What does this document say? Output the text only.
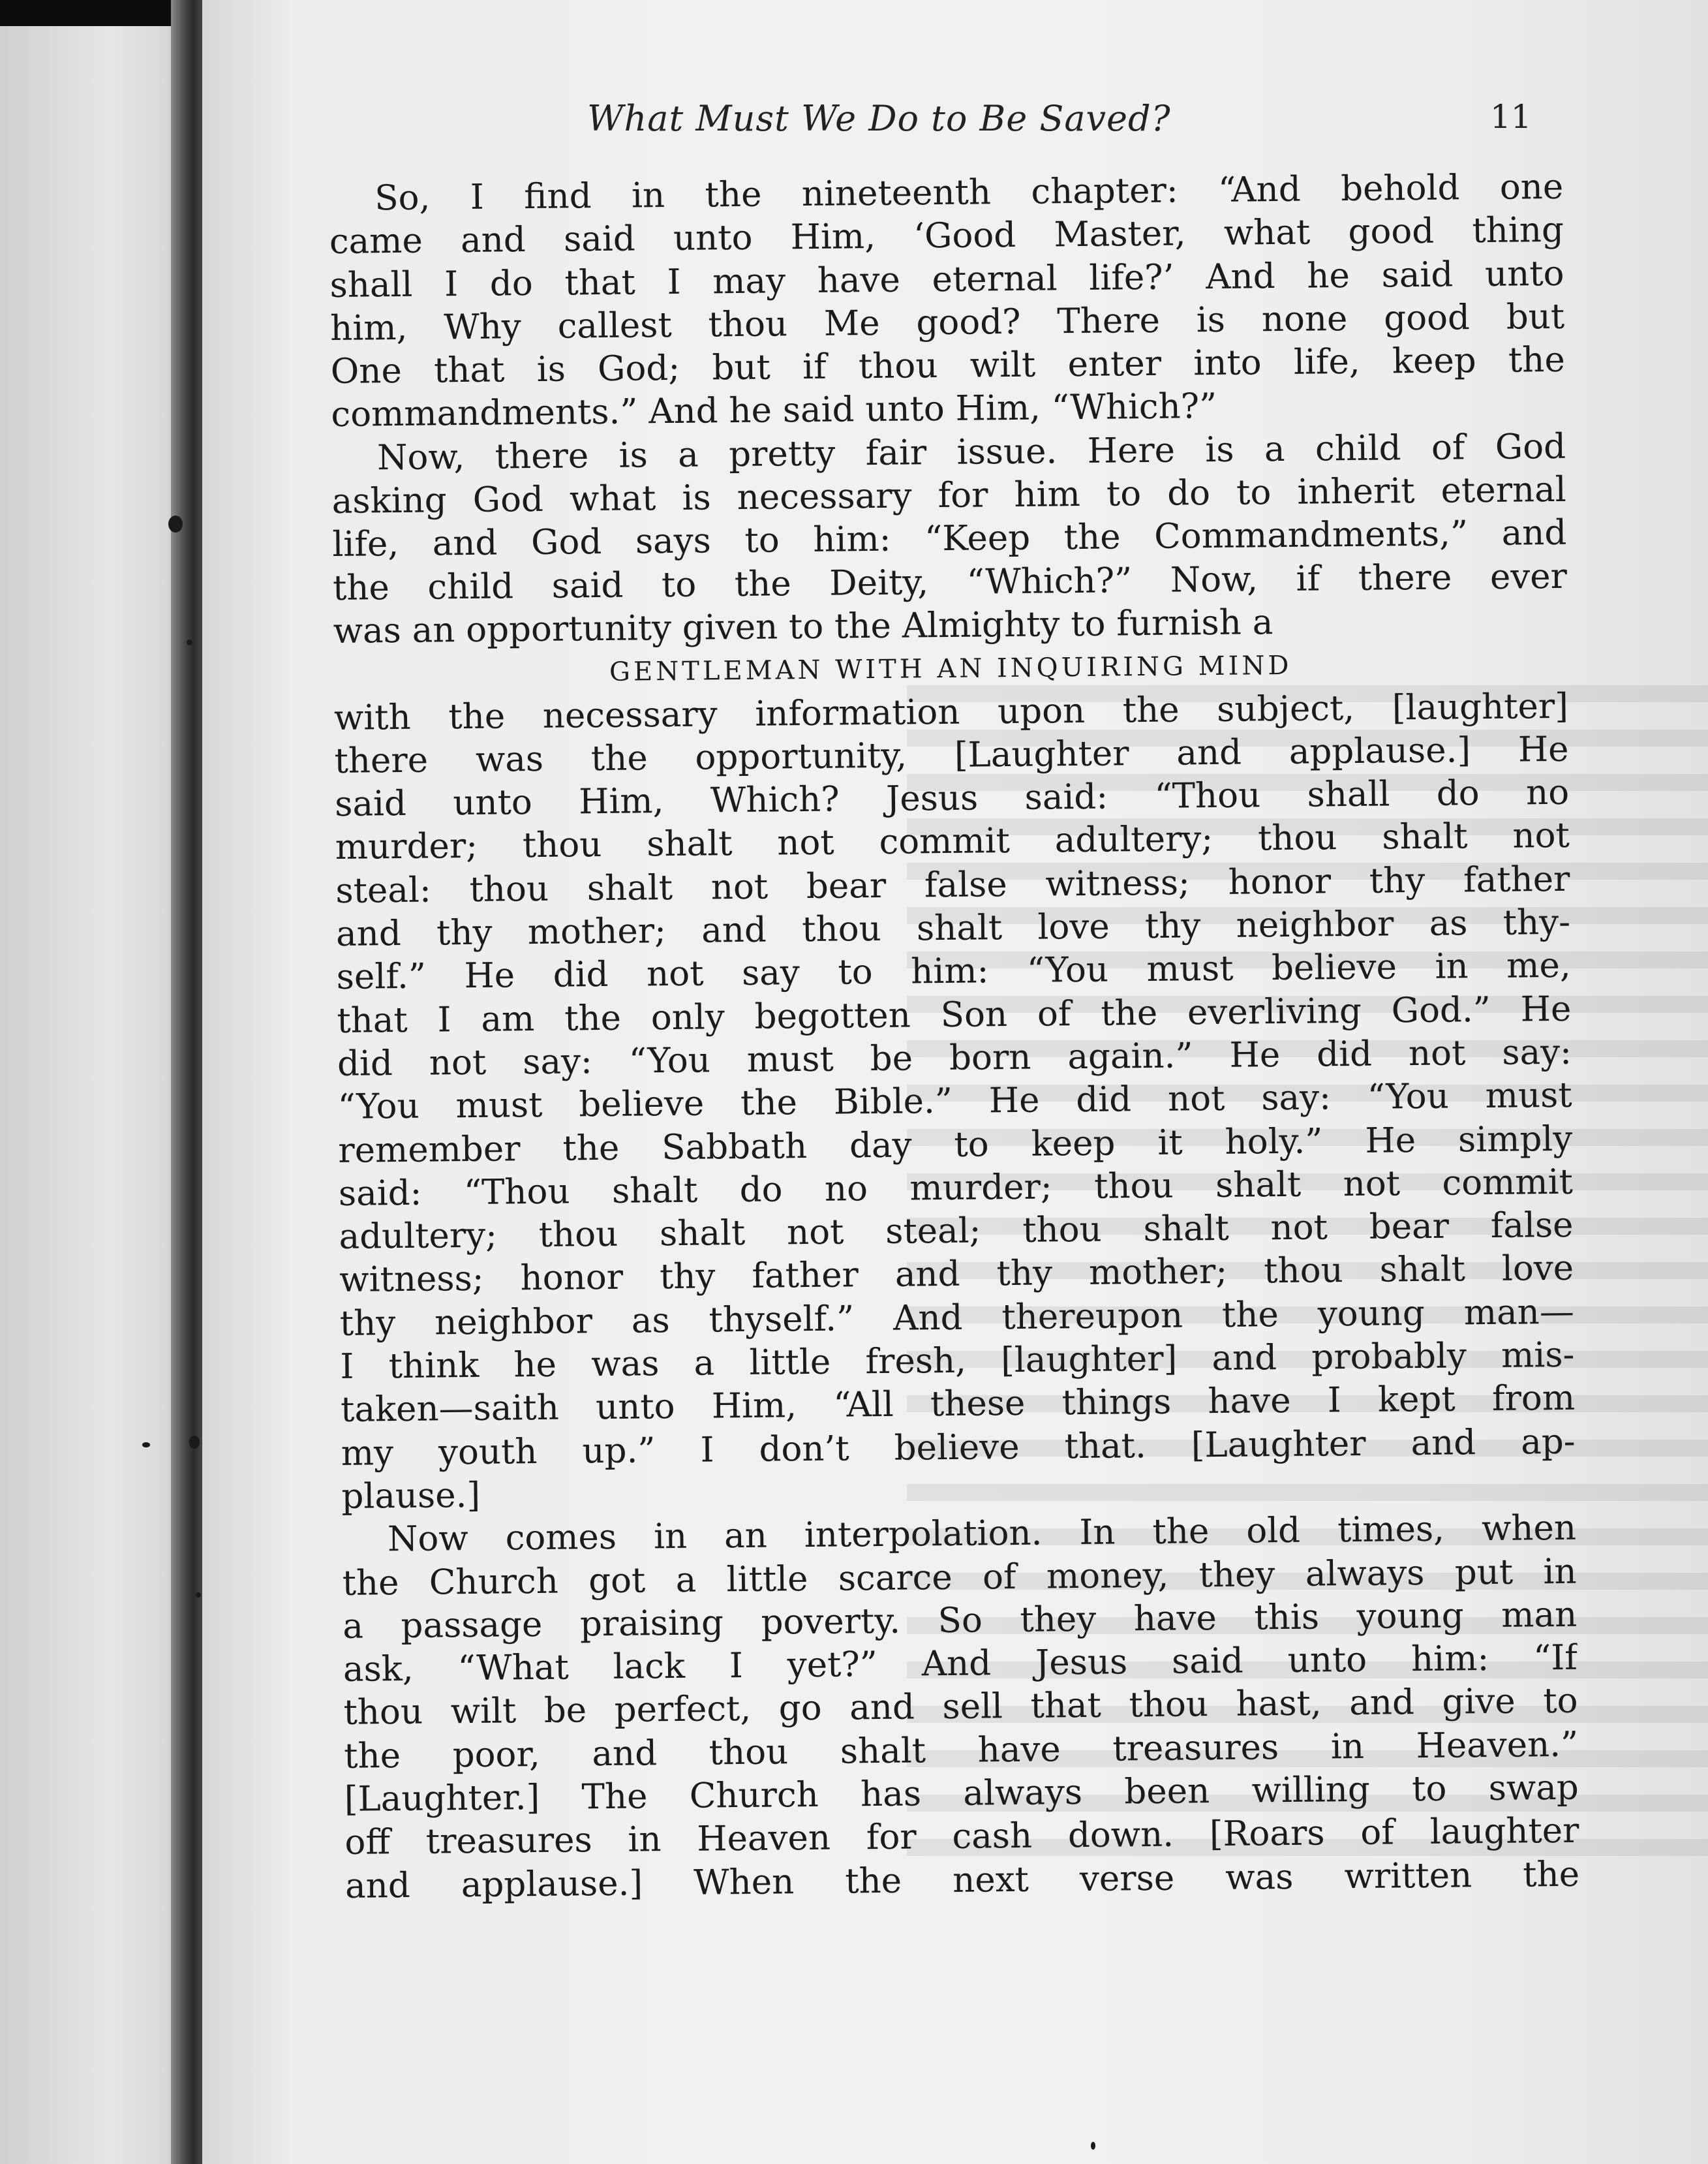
What Must We Do to Be Saved?	11
So, I find in the nineteenth chapter: “And behold one
came and said unto Him, ‘Good Master, what good thing
shall I do that I may have eternal life?’ And he said unto
him, Why callest thou Me good? There is none good but
One that is God; but if thou wilt enter into life, keep the
commandments.” And he said unto Him, “Which?”
Now, there is a pretty fair issue. Here is a child of God
asking God what is necessary for him to do to inherit eternal
life, and God says to him: “Keep the Commandments,” and
the child said to the Deity, “Which?” Now, if there ever
was an opportunity given to the Almighty to furnish a
GENTLEMAN WITH AN INQUIRING MIND
with the necessary information upon the subject, [laughter]
there was the opportunity, [Laughter and applause.] He
said unto Him, Which? Jesus said: “Thou shall do no
murder; thou shalt not commit adultery; thou shalt not
steal: thou shalt not bear false witness; honor thy father
and thy mother; and thou shalt love thy neighbor as thy-
self.” He did not say to him: “You must believe in me,
that I am the only begotten Son of the everliving God.” He
did not say: “You must be born again.” He did not say:
“You must believe the Bible.” He did not say: “You must
remember the Sabbath day to keep it holy.” He simply
said: “Thou shalt do no murder; thou shalt not commit
adultery; thou shalt not steal; thou shalt not bear false
witness; honor thy father and thy mother; thou shalt love
thy neighbor as thyself.” And thereupon the young man—
I think he was a little fresh, [laughter] and probably mis-
taken—saith unto Him, “All these things have I kept from
my youth up.” I don’t believe that. [Laughter and ap-
plause.]
Now comes in an interpolation. In the old times, when
the Church got a little scarce of money, they always put in
a passage praising poverty. So they have this young man
ask, “What lack I yet?” And Jesus said unto him: “If
thou wilt be perfect, go and sell that thou hast, and give to
the poor, and thou shalt have treasures in Heaven.”
[Laughter.] The Church has always been willing to swap
off treasures in Heaven for cash down. [Roars of laughter
and applause.] When the next verse was written the
